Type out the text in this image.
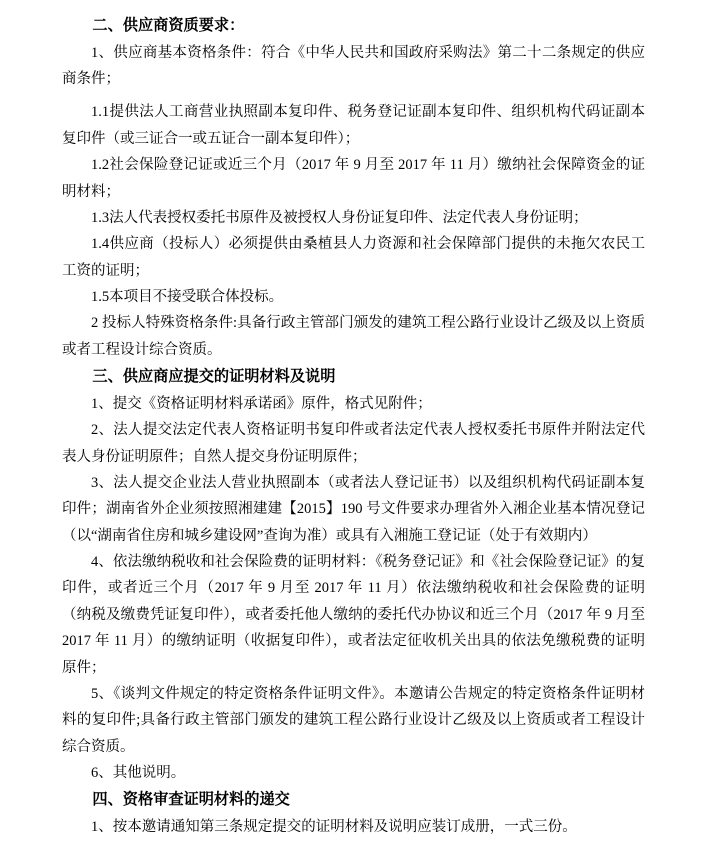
二、供应商资质要求：

1、供应商基本资格条件：符合《中华人民共和国政府采购法》第二十二条规定的供应商条件；

1.1提供法人工商营业执照副本复印件、税务登记证副本复印件、组织机构代码证副本复印件（或三证合一或五证合一副本复印件）；

1.2社会保险登记证或近三个月（2017 年 9 月至 2017 年 11 月）缴纳社会保障资金的证明材料；

1.3法人代表授权委托书原件及被授权人身份证复印件、法定代表人身份证明；

1.4供应商（投标人）必须提供由桑植县人力资源和社会保障部门提供的未拖欠农民工工资的证明；

1.5本项目不接受联合体投标。

2 投标人特殊资格条件:具备行政主管部门颁发的建筑工程公路行业设计乙级及以上资质或者工程设计综合资质。

三、供应商应提交的证明材料及说明

1、提交《资格证明材料承诺函》原件，格式见附件；

2、法人提交法定代表人资格证明书复印件或者法定代表人授权委托书原件并附法定代表人身份证明原件；自然人提交身份证明原件；

3、法人提交企业法人营业执照副本（或者法人登记证书）以及组织机构代码证副本复印件；湖南省外企业须按照湘建建【2015】190 号文件要求办理省外入湘企业基本情况登记（以“湖南省住房和城乡建设网”查询为准）或具有入湘施工登记证（处于有效期内）

4、依法缴纳税收和社会保险费的证明材料：《税务登记证》和《社会保险登记证》的复印件，或者近三个月（2017 年 9 月至 2017 年 11 月）依法缴纳税收和社会保险费的证明（纳税及缴费凭证复印件），或者委托他人缴纳的委托代办协议和近三个月（2017 年 9 月至 2017 年 11 月）的缴纳证明（收据复印件），或者法定征收机关出具的依法免缴税费的证明原件；

5、《谈判文件规定的特定资格条件证明文件》。本邀请公告规定的特定资格条件证明材料的复印件;具备行政主管部门颁发的建筑工程公路行业设计乙级及以上资质或者工程设计综合资质。

6、其他说明。

四、资格审查证明材料的递交

1、按本邀请通知第三条规定提交的证明材料及说明应装订成册，一式三份。
